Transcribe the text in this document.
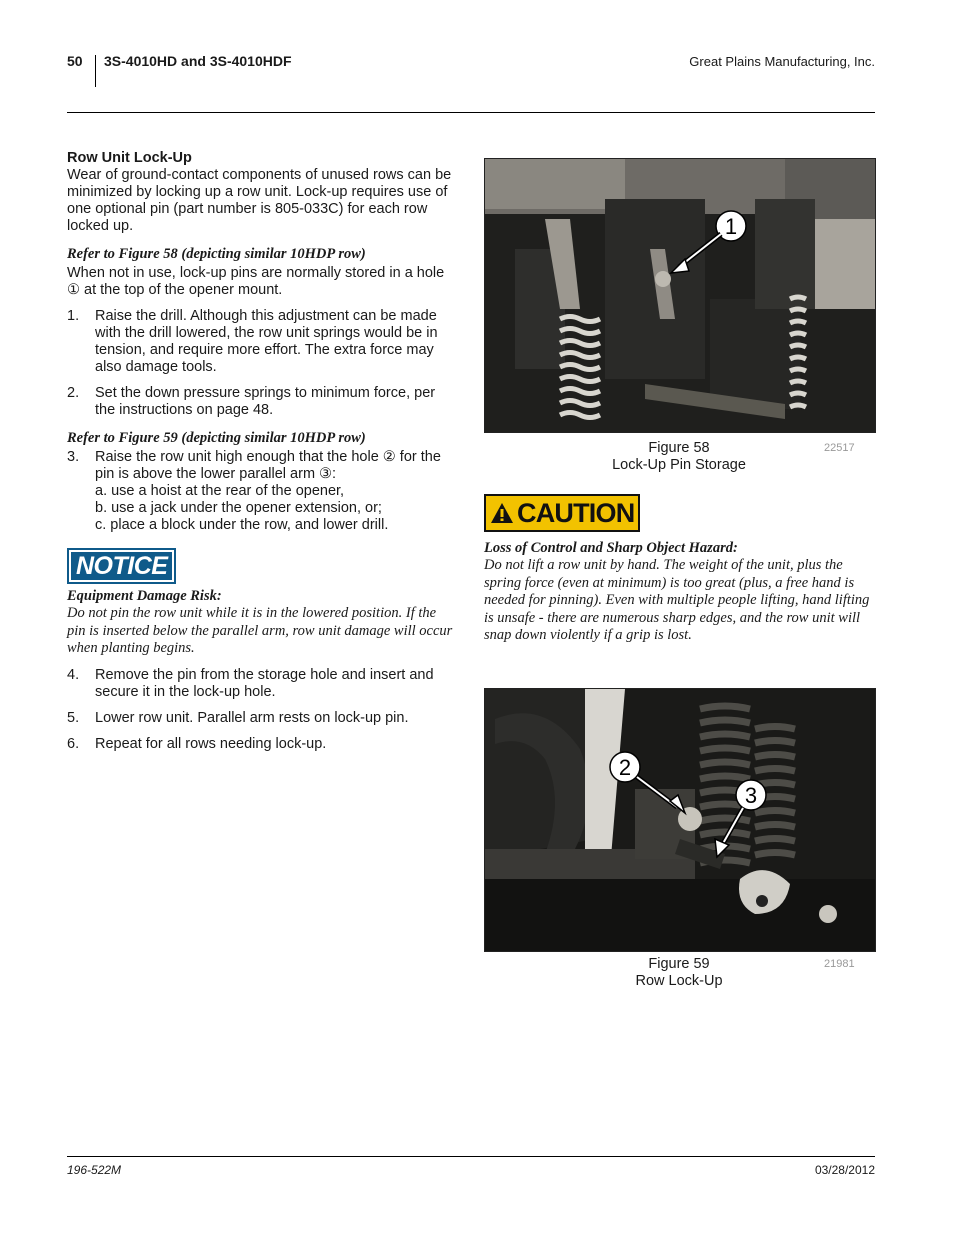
50 3S-4010HD and 3S-4010HDF	Great Plains Manufacturing, Inc.

Row Unit Lock-Up

Wear of ground-contact components of unused rows can be minimized by locking up a row unit. Lock-up requires use of one optional pin (part number is 805-033C) for each row locked up.

Refer to Figure 58 (depicting similar 10HDP row)

When not in use, lock-up pins are normally stored in a hole ① at the top of the opener mount.

1. Raise the drill. Although this adjustment can be made with the drill lowered, the row unit springs would be in tension, and require more effort. The extra force may also damage tools.
2. Set the down pressure springs to minimum force, per the instructions on page 48.

Refer to Figure 59 (depicting similar 10HDP row)

3. Raise the row unit high enough that the hole ② for the pin is above the lower parallel arm ③:
a. use a hoist at the rear of the opener,
b. use a jack under the opener extension, or;
c. place a block under the row, and lower drill.
NOTICE

Equipment Damage Risk:

Do not pin the row unit while it is in the lowered position. If the pin is inserted below the parallel arm, row unit damage will occur when planting begins.

4. Remove the pin from the storage hole and insert and secure it in the lock-up hole.
5. Lower row unit. Parallel arm rests on lock-up pin.
6. Repeat for all rows needing lock-up.
1
Figure 58
Lock-Up Pin Storage
22517
CAUTION

Loss of Control and Sharp Object Hazard:

Do not lift a row unit by hand. The weight of the unit, plus the spring force (even at minimum) is too great (plus, a free hand is needed for pinning). Even with multiple people lifting, hand lifting is unsafe - there are numerous sharp edges, and the row unit will snap down violently if a grip is lost.

2
3
Figure 59
Row Lock-Up
21981
196-522M	03/28/2012
